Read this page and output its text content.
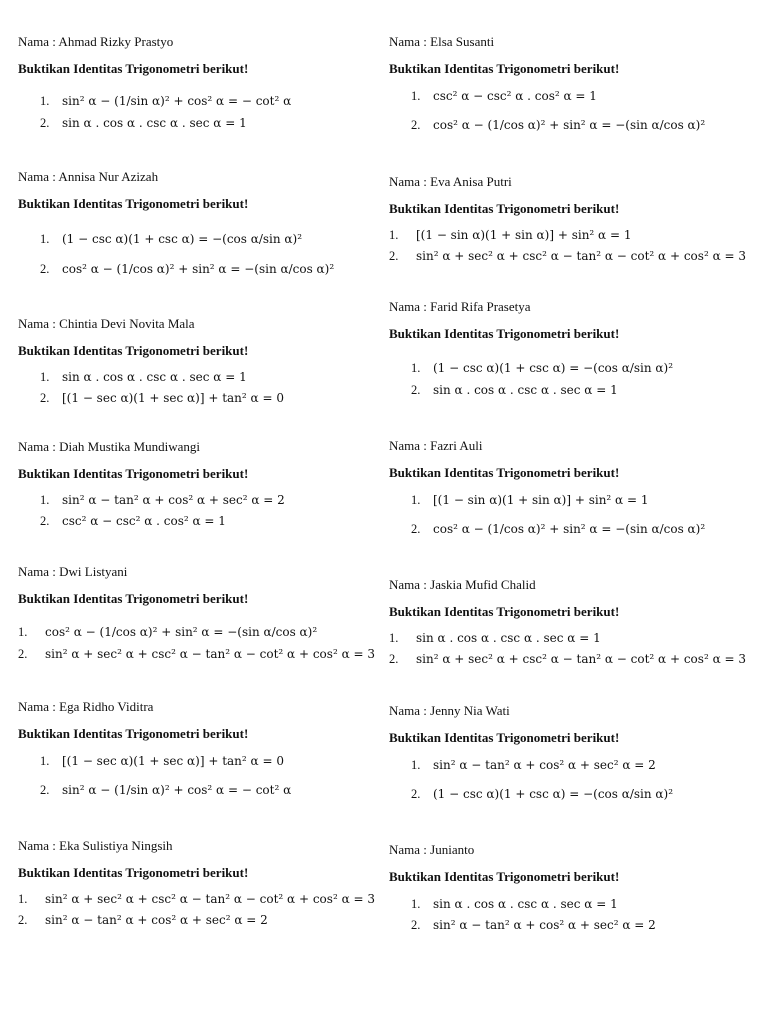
Nama : Ahmad Rizky Prastyo
Buktikan Identitas Trigonometri berikut!
1. sin² α − (1/sin α)² + cos² α = − cot² α
2. sin α . cos α . csc α . sec α = 1
Nama : Annisa Nur Azizah
Buktikan Identitas Trigonometri berikut!
1. (1 − csc α)(1 + csc α) = −(cos α/sin α)²
2. cos² α − (1/cos α)² + sin² α = −(sin α/cos α)²
Nama : Chintia Devi Novita Mala
Buktikan Identitas Trigonometri berikut!
1. sin α . cos α . csc α . sec α = 1
2. [(1 − sec α)(1 + sec α)] + tan² α = 0
Nama : Diah Mustika Mundiwangi
Buktikan Identitas Trigonometri berikut!
1. sin² α − tan² α + cos² α + sec² α = 2
2. csc² α − csc² α . cos² α = 1
Nama : Dwi Listyani
Buktikan Identitas Trigonometri berikut!
1. cos² α − (1/cos α)² + sin² α = −(sin α/cos α)²
2. sin² α + sec² α + csc² α − tan² α − cot² α + cos² α = 3
Nama : Ega Ridho Viditra
Buktikan Identitas Trigonometri berikut!
1. [(1 − sec α)(1 + sec α)] + tan² α = 0
2. sin² α − (1/sin α)² + cos² α = − cot² α
Nama : Eka Sulistiya Ningsih
Buktikan Identitas Trigonometri berikut!
1. sin² α + sec² α + csc² α − tan² α − cot² α + cos² α = 3
2. sin² α − tan² α + cos² α + sec² α = 2
Nama : Elsa Susanti
Buktikan Identitas Trigonometri berikut!
1. csc² α − csc² α . cos² α = 1
2. cos² α − (1/cos α)² + sin² α = −(sin α/cos α)²
Nama : Eva Anisa Putri
Buktikan Identitas Trigonometri berikut!
1. [(1 − sin α)(1 + sin α)] + sin² α = 1
2. sin² α + sec² α + csc² α − tan² α − cot² α + cos² α = 3
Nama : Farid Rifa Prasetya
Buktikan Identitas Trigonometri berikut!
1. (1 − csc α)(1 + csc α) = −(cos α/sin α)²
2. sin α . cos α . csc α . sec α = 1
Nama : Fazri Auli
Buktikan Identitas Trigonometri berikut!
1. [(1 − sin α)(1 + sin α)] + sin² α = 1
2. cos² α − (1/cos α)² + sin² α = −(sin α/cos α)²
Nama : Jaskia Mufid Chalid
Buktikan Identitas Trigonometri berikut!
1. sin α . cos α . csc α . sec α = 1
2. sin² α + sec² α + csc² α − tan² α − cot² α + cos² α = 3
Nama : Jenny Nia Wati
Buktikan Identitas Trigonometri berikut!
1. sin² α − tan² α + cos² α + sec² α = 2
2. (1 − csc α)(1 + csc α) = −(cos α/sin α)²
Nama : Junianto
Buktikan Identitas Trigonometri berikut!
1. sin α . cos α . csc α . sec α = 1
2. sin² α − tan² α + cos² α + sec² α = 2
